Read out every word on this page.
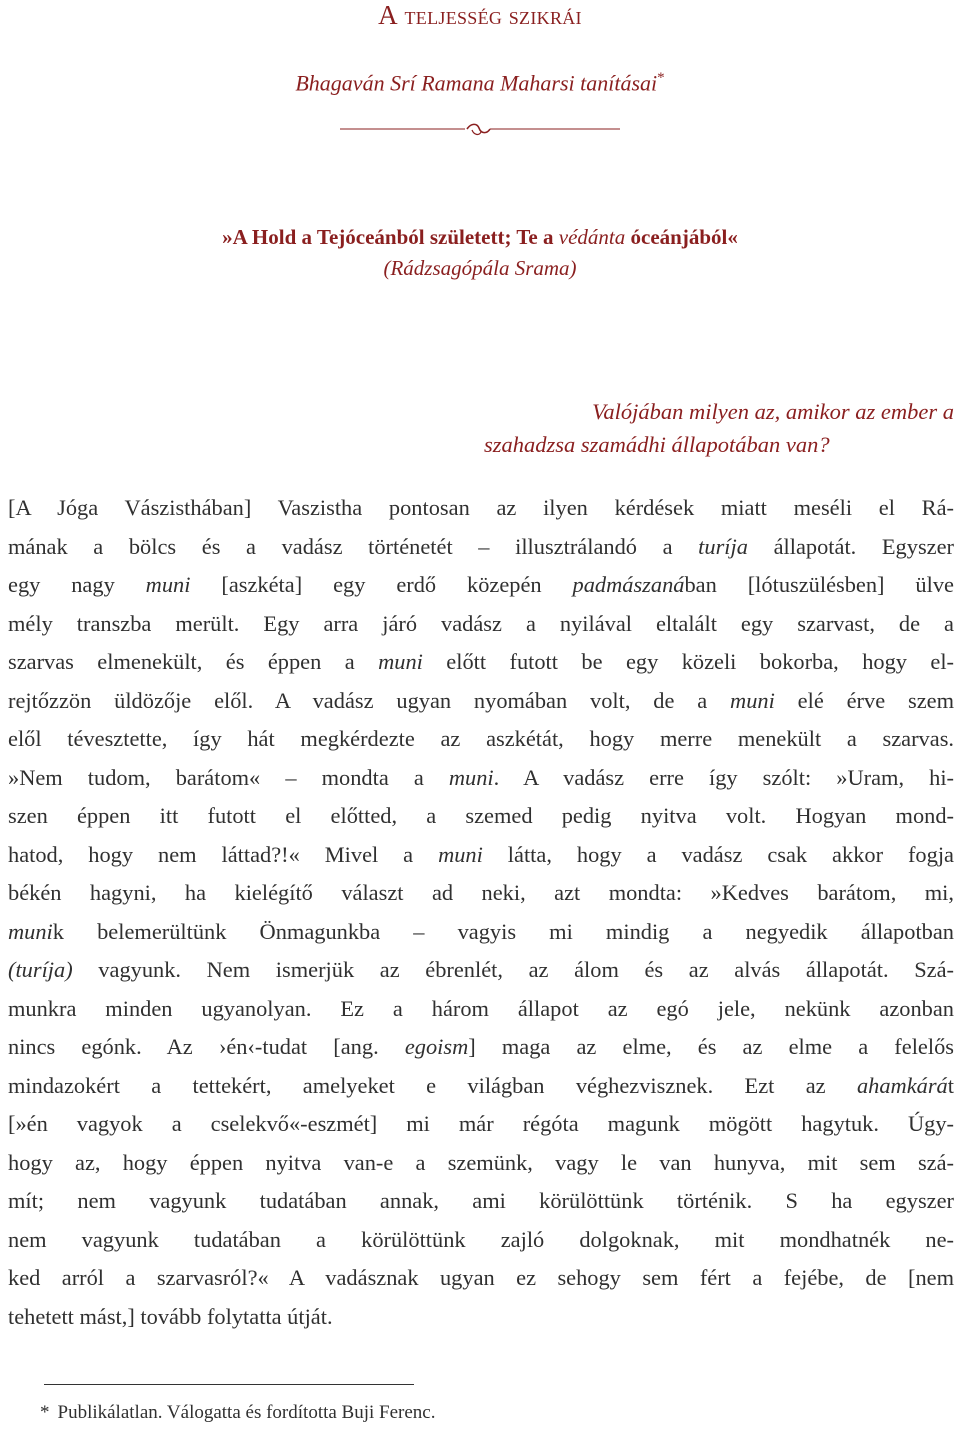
A teljesség szikrái
Bhagaván Srí Ramana Maharsi tanításai*
»A Hold a Tejóceánból született; Te a védánta óceánjából«
(Rádzsagópála Srama)
Valójában milyen az, amikor az ember a
szahadzsa szamádhi állapotában van?
[A Jóga Vászisthában] Vaszistha pontosan az ilyen kérdések miatt meséli el Rá-
mának a bölcs és a vadász történetét – illusztrálandó a turíja állapotát. Egyszer
egy nagy muni [aszkéta] egy erdő közepén padmászanában [lótuszülésben] ülve
mély transzba merült. Egy arra járó vadász a nyilával eltalált egy szarvast, de a
szarvas elmenekült, és éppen a muni előtt futott be egy közeli bokorba, hogy el-
rejtőzzön üldözője elől. A vadász ugyan nyomában volt, de a muni elé érve szem
elől tévesztette, így hát megkérdezte az aszkétát, hogy merre menekült a szarvas.
»Nem tudom, barátom« – mondta a muni. A vadász erre így szólt: »Uram, hi-
szen éppen itt futott el előtted, a szemed pedig nyitva volt. Hogyan mond-
hatod, hogy nem láttad?!« Mivel a muni látta, hogy a vadász csak akkor fogja
békén hagyni, ha kielégítő választ ad neki, azt mondta: »Kedves barátom, mi,
munik belemerültünk Önmagunkba – vagyis mi mindig a negyedik állapotban
(turíja) vagyunk. Nem ismerjük az ébrenlét, az álom és az alvás állapotát. Szá-
munkra minden ugyanolyan. Ez a három állapot az egó jele, nekünk azonban
nincs egónk. Az ›én‹-tudat [ang. egoism] maga az elme, és az elme a felelős
mindazokért a tettekért, amelyeket e világban véghezvisznek. Ezt az ahamkárát
[»én vagyok a cselekvő«-eszmét] mi már régóta magunk mögött hagytuk. Úgy-
hogy az, hogy éppen nyitva van-e a szemünk, vagy le van hunyva, mit sem szá-
mít; nem vagyunk tudatában annak, ami körülöttünk történik. S ha egyszer
nem vagyunk tudatában a körülöttünk zajló dolgoknak, mit mondhatnék ne-
ked arról a szarvasról?« A vadásznak ugyan ez sehogy sem fért a fejébe, de [nem
tehetett mást,] tovább folytatta útját.
* Publikálatlan. Válogatta és fordította Buji Ferenc.
